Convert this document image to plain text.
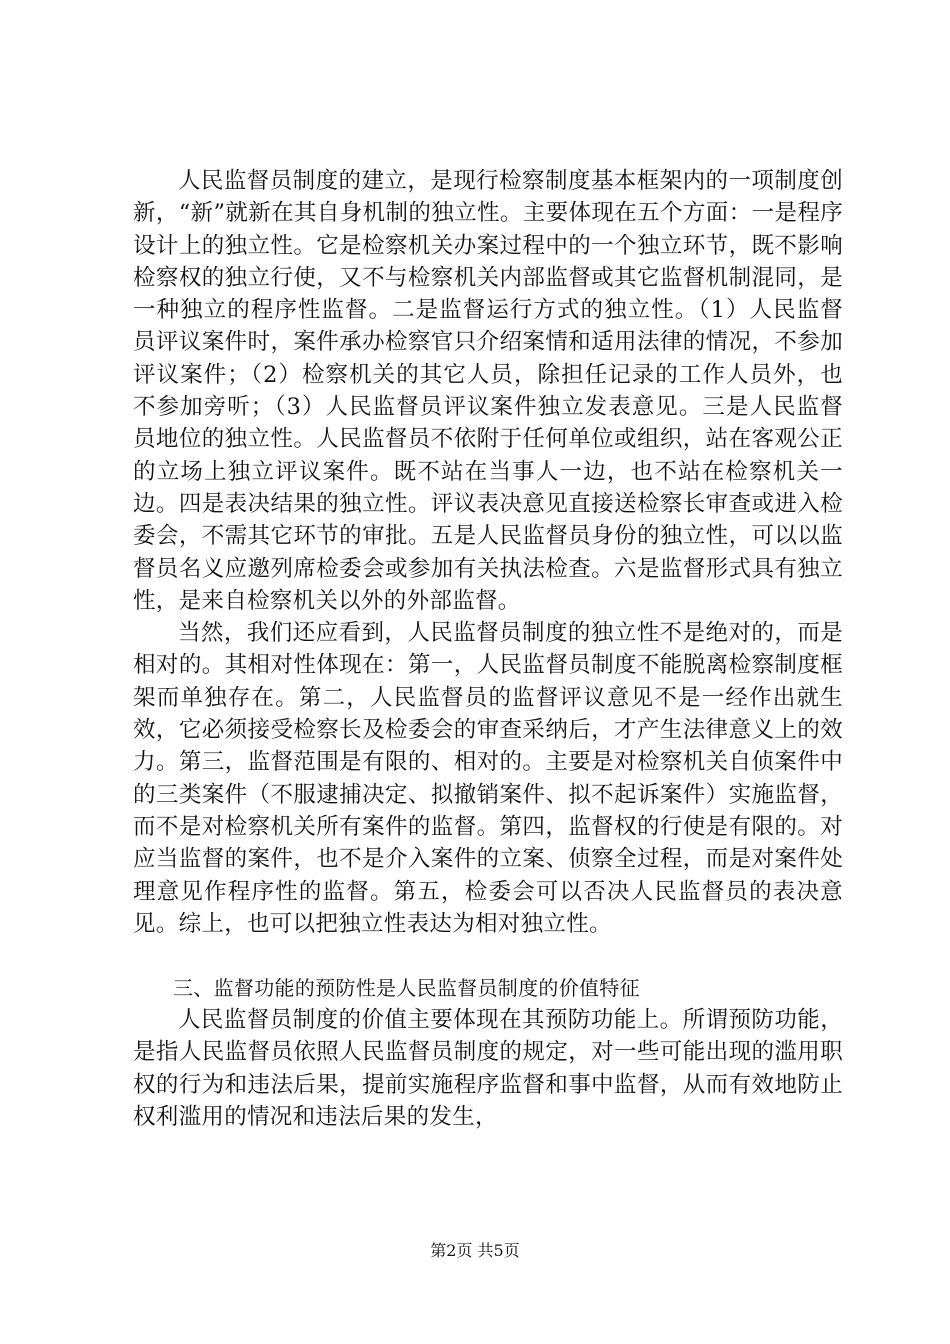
人民监督员制度的建立，是现行检察制度基本框架内的一项制度创新，“新”就新在其自身机制的独立性。主要体现在五个方面：一是程序设计上的独立性。它是检察机关办案过程中的一个独立环节，既不影响检察权的独立行使，又不与检察机关内部监督或其它监督机制混同，是一种独立的程序性监督。二是监督运行方式的独立性。（1）人民监督员评议案件时，案件承办检察官只介绍案情和适用法律的情况，不参加评议案件；（2）检察机关的其它人员，除担任记录的工作人员外，也不参加旁听；（3）人民监督员评议案件独立发表意见。三是人民监督员地位的独立性。人民监督员不依附于任何单位或组织，站在客观公正的立场上独立评议案件。既不站在当事人一边，也不站在检察机关一边。四是表决结果的独立性。评议表决意见直接送检察长审查或进入检委会，不需其它环节的审批。五是人民监督员身份的独立性，可以以监督员名义应邀列席检委会或参加有关执法检查。六是监督形式具有独立性，是来自检察机关以外的外部监督。

当然，我们还应看到，人民监督员制度的独立性不是绝对的，而是相对的。其相对性体现在：第一，人民监督员制度不能脱离检察制度框架而单独存在。第二，人民监督员的监督评议意见不是一经作出就生效，它必须接受检察长及检委会的审查采纳后，才产生法律意义上的效力。第三，监督范围是有限的、相对的。主要是对检察机关自侦案件中的三类案件（不服逮捕决定、拟撤销案件、拟不起诉案件）实施监督，而不是对检察机关所有案件的监督。第四，监督权的行使是有限的。对应当监督的案件，也不是介入案件的立案、侦察全过程，而是对案件处理意见作程序性的监督。第五，检委会可以否决人民监督员的表决意见。综上，也可以把独立性表达为相对独立性。

三、监督功能的预防性是人民监督员制度的价值特征

人民监督员制度的价值主要体现在其预防功能上。所谓预防功能，是指人民监督员依照人民监督员制度的规定，对一些可能出现的滥用职权的行为和违法后果，提前实施程序监督和事中监督，从而有效地防止权利滥用的情况和违法后果的发生，

第2页 共5页
